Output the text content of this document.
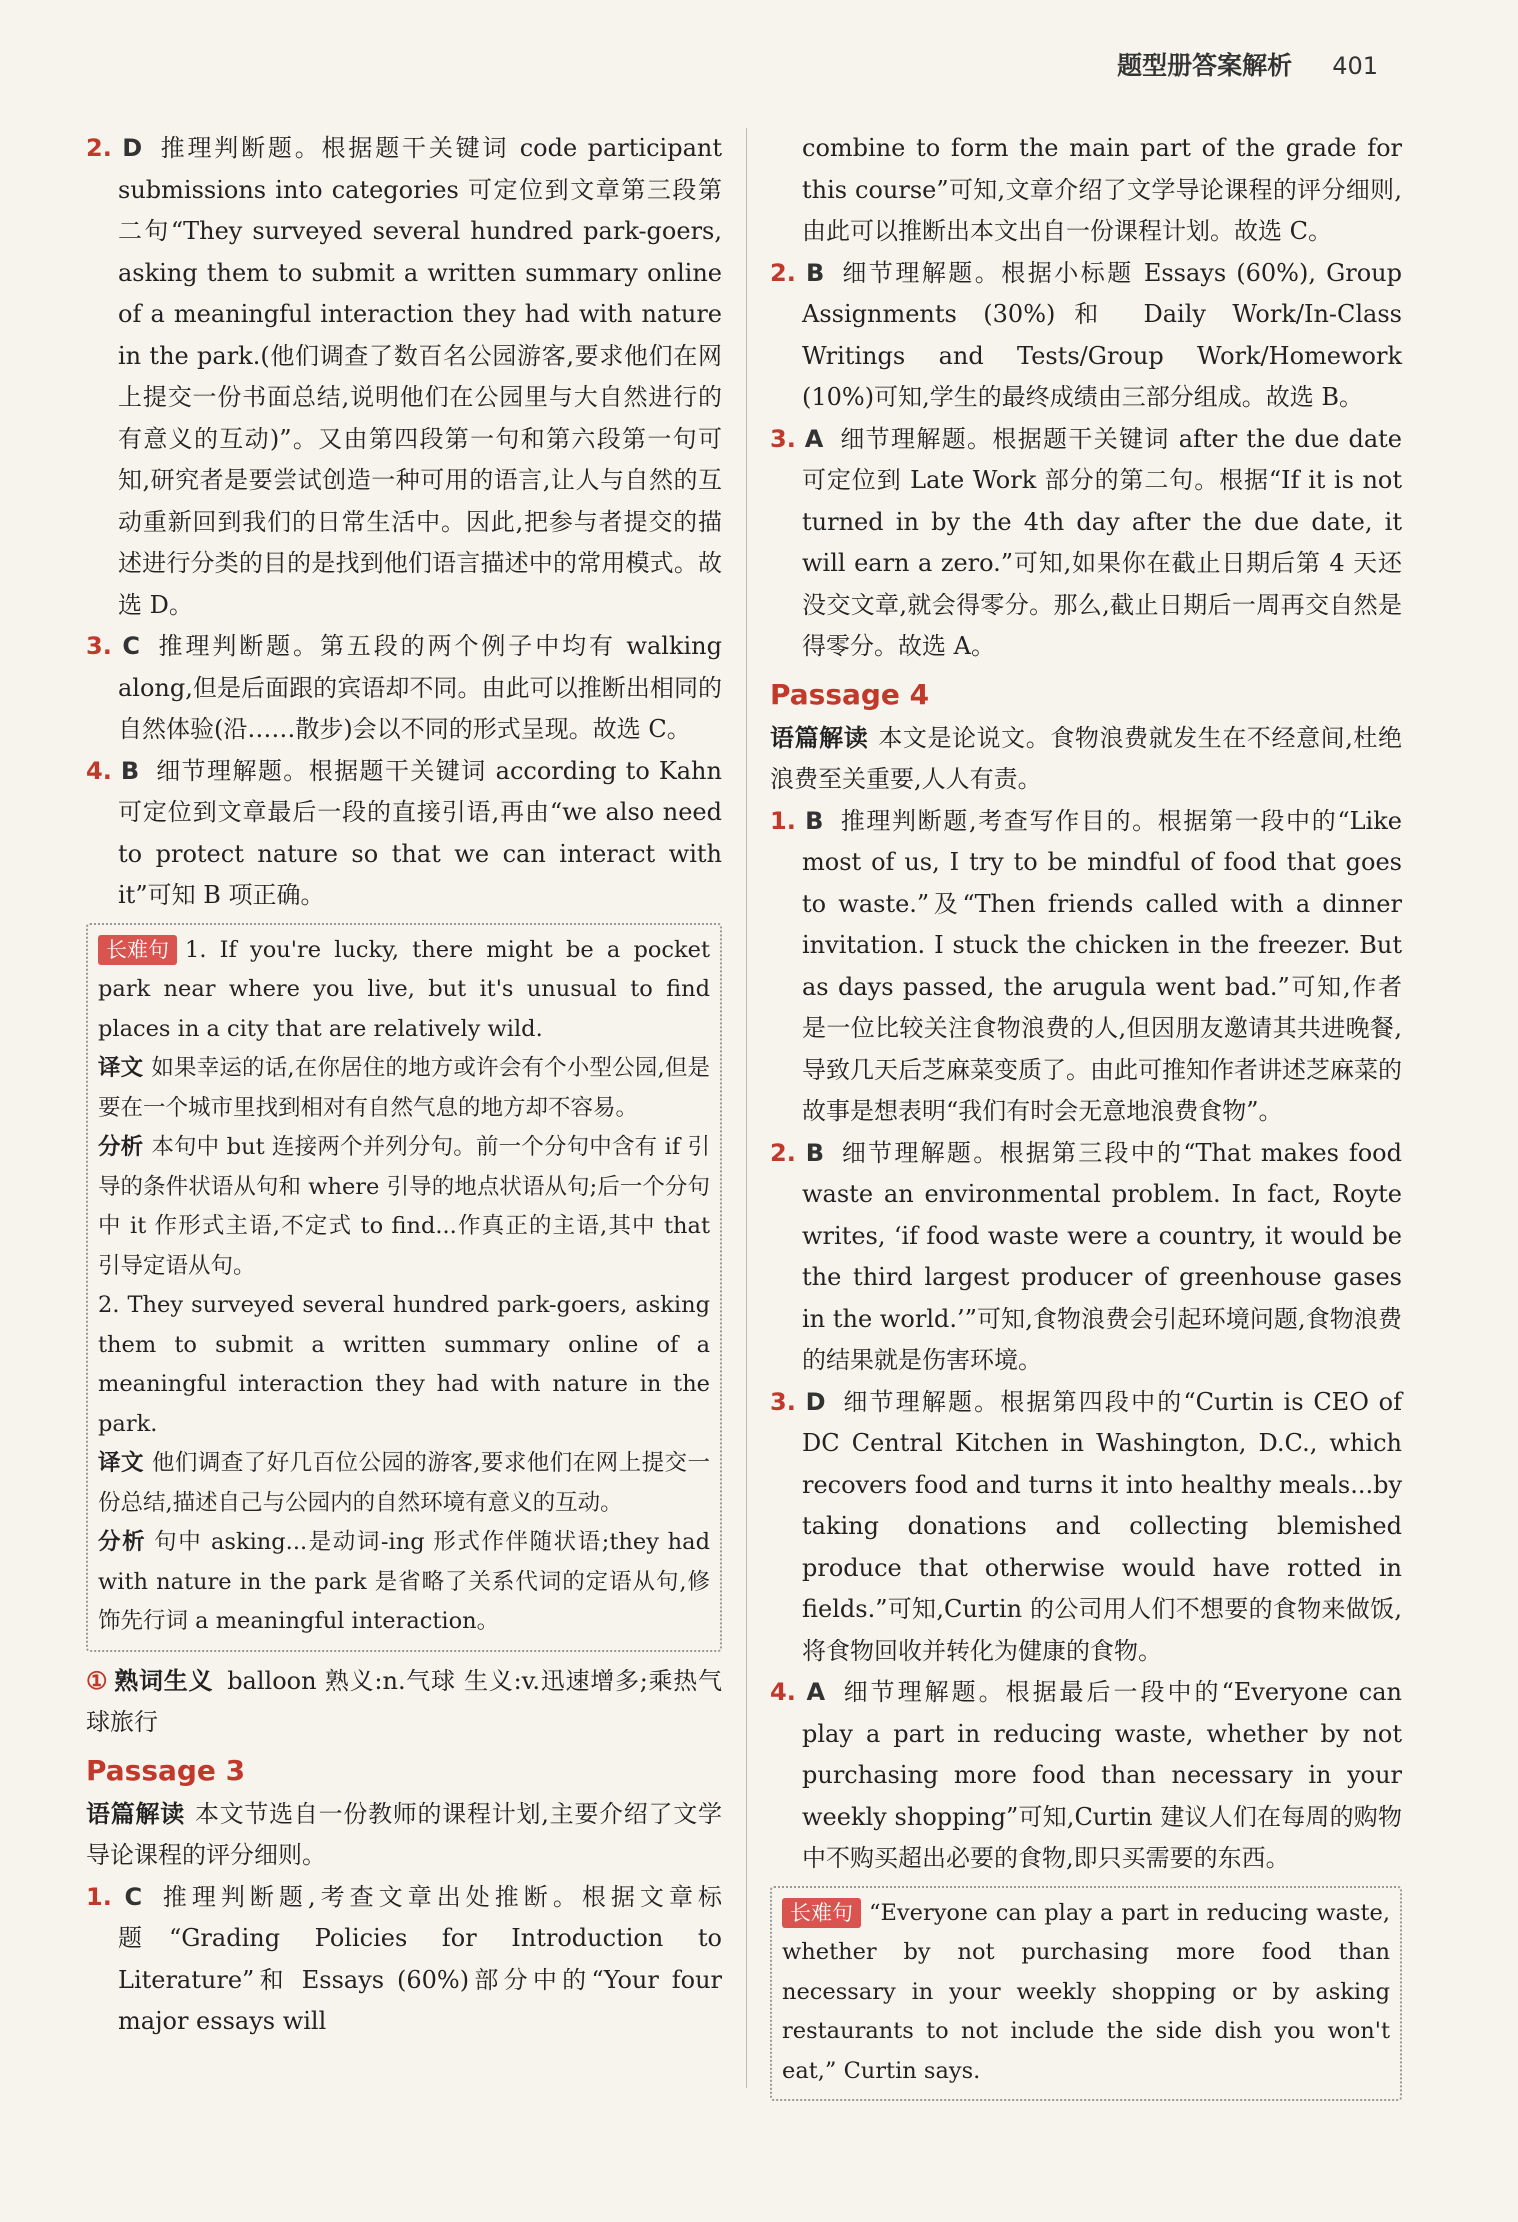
题型册答案解析 401

2. D 推理判断题。根据题干关键词 code participant submissions into categories 可定位到文章第三段第二句“They surveyed several hundred park-goers, asking them to submit a written summary online of a meaningful interaction they had with nature in the park.(他们调查了数百名公园游客,要求他们在网上提交一份书面总结,说明他们在公园里与大自然进行的有意义的互动)”。又由第四段第一句和第六段第一句可知,研究者是要尝试创造一种可用的语言,让人与自然的互动重新回到我们的日常生活中。因此,把参与者提交的描述进行分类的目的是找到他们语言描述中的常用模式。故选 D。

3. C 推理判断题。第五段的两个例子中均有 walking along,但是后面跟的宾语却不同。由此可以推断出相同的自然体验(沿……散步)会以不同的形式呈现。故选 C。

4. B 细节理解题。根据题干关键词 according to Kahn 可定位到文章最后一段的直接引语,再由“we also need to protect nature so that we can interact with it”可知 B 项正确。

长难句 1. If you're lucky, there might be a pocket park near where you live, but it's unusual to find places in a city that are relatively wild.

译文 如果幸运的话,在你居住的地方或许会有个小型公园,但是要在一个城市里找到相对有自然气息的地方却不容易。

分析 本句中 but 连接两个并列分句。前一个分句中含有 if 引导的条件状语从句和 where 引导的地点状语从句;后一个分句中 it 作形式主语,不定式 to find...作真正的主语,其中 that 引导定语从句。

2. They surveyed several hundred park-goers, asking them to submit a written summary online of a meaningful interaction they had with nature in the park.

译文 他们调查了好几百位公园的游客,要求他们在网上提交一份总结,描述自己与公园内的自然环境有意义的互动。

分析 句中 asking...是动词-ing 形式作伴随状语;they had with nature in the park 是省略了关系代词的定语从句,修饰先行词 a meaningful interaction。

① 熟词生义 balloon 熟义:n.气球 生义:v.迅速增多;乘热气球旅行

Passage 3

语篇解读 本文节选自一份教师的课程计划,主要介绍了文学导论课程的评分细则。

1. C 推理判断题,考查文章出处推断。根据文章标题“Grading Policies for Introduction to Literature”和 Essays (60%)部分中的“Your four major essays will

combine to form the main part of the grade for this course”可知,文章介绍了文学导论课程的评分细则,由此可以推断出本文出自一份课程计划。故选 C。

2. B 细节理解题。根据小标题 Essays (60%), Group Assignments (30%)和 Daily Work/In-Class Writings and Tests/Group Work/Homework (10%)可知,学生的最终成绩由三部分组成。故选 B。

3. A 细节理解题。根据题干关键词 after the due date 可定位到 Late Work 部分的第二句。根据“If it is not turned in by the 4th day after the due date, it will earn a zero.”可知,如果你在截止日期后第 4 天还没交文章,就会得零分。那么,截止日期后一周再交自然是得零分。故选 A。

Passage 4

语篇解读 本文是论说文。食物浪费就发生在不经意间,杜绝浪费至关重要,人人有责。

1. B 推理判断题,考查写作目的。根据第一段中的“Like most of us, I try to be mindful of food that goes to waste.”及“Then friends called with a dinner invitation. I stuck the chicken in the freezer. But as days passed, the arugula went bad.”可知,作者是一位比较关注食物浪费的人,但因朋友邀请其共进晚餐,导致几天后芝麻菜变质了。由此可推知作者讲述芝麻菜的故事是想表明“我们有时会无意地浪费食物”。

2. B 细节理解题。根据第三段中的“That makes food waste an environmental problem. In fact, Royte writes, ‘if food waste were a country, it would be the third largest producer of greenhouse gases in the world.’”可知,食物浪费会引起环境问题,食物浪费的结果就是伤害环境。

3. D 细节理解题。根据第四段中的“Curtin is CEO of DC Central Kitchen in Washington, D.C., which recovers food and turns it into healthy meals...by taking donations and collecting blemished produce that otherwise would have rotted in fields.”可知,Curtin 的公司用人们不想要的食物来做饭,将食物回收并转化为健康的食物。

4. A 细节理解题。根据最后一段中的“Everyone can play a part in reducing waste, whether by not purchasing more food than necessary in your weekly shopping”可知,Curtin 建议人们在每周的购物中不购买超出必要的食物,即只买需要的东西。

长难句 “Everyone can play a part in reducing waste, whether by not purchasing more food than necessary in your weekly shopping or by asking restaurants to not include the side dish you won't eat,” Curtin says.
